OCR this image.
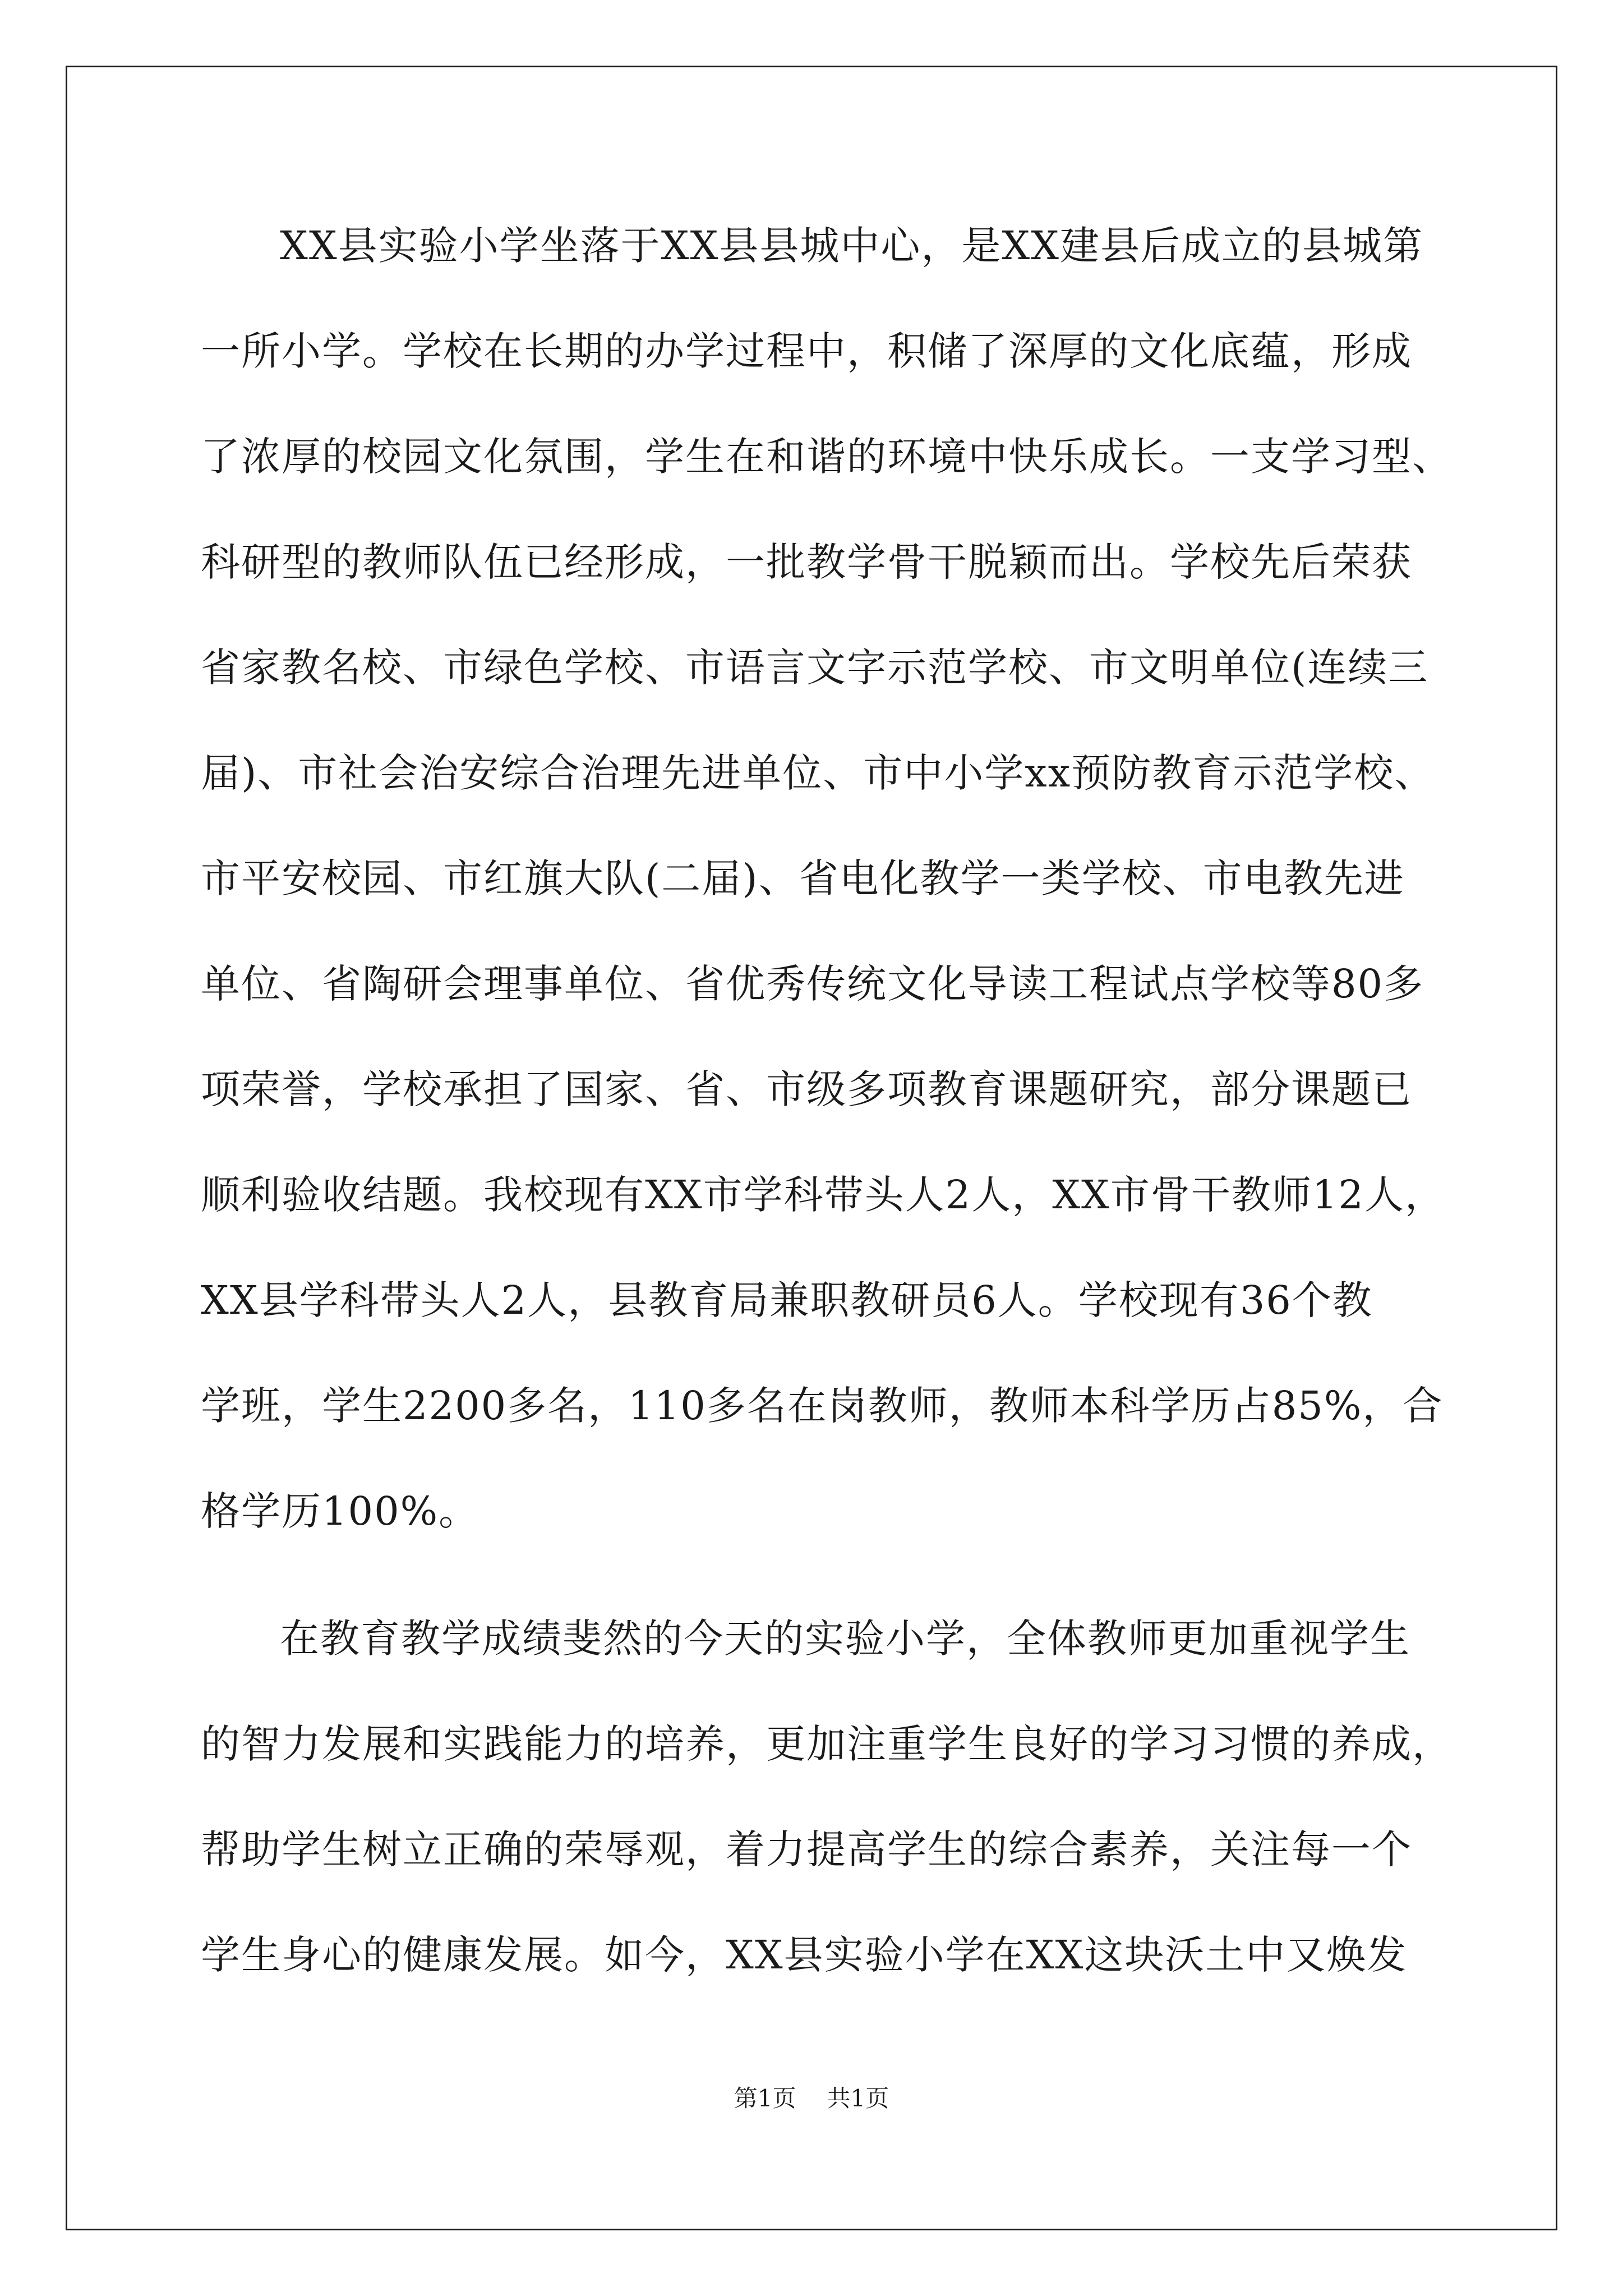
XX县实验小学坐落于XX县县城中心，是XX建县后成立的县城第
一所小学。学校在长期的办学过程中，积储了深厚的文化底蕴，形成
了浓厚的校园文化氛围，学生在和谐的环境中快乐成长。一支学习型、
科研型的教师队伍已经形成，一批教学骨干脱颖而出。学校先后荣获
省家教名校、市绿色学校、市语言文字示范学校、市文明单位(连续三
届)、市社会治安综合治理先进单位、市中小学xx预防教育示范学校、
市平安校园、市红旗大队(二届)、省电化教学一类学校、市电教先进
单位、省陶研会理事单位、省优秀传统文化导读工程试点学校等80多
项荣誉，学校承担了国家、省、市级多项教育课题研究，部分课题已
顺利验收结题。我校现有XX市学科带头人2人，XX市骨干教师12人，
XX县学科带头人2人，县教育局兼职教研员6人。学校现有36个教
学班，学生2200多名，110多名在岗教师，教师本科学历占85%，合
格学历100%。
在教育教学成绩斐然的今天的实验小学，全体教师更加重视学生
的智力发展和实践能力的培养，更加注重学生良好的学习习惯的养成，
帮助学生树立正确的荣辱观，着力提高学生的综合素养，关注每一个
学生身心的健康发展。如今，XX县实验小学在XX这块沃土中又焕发
第1页 共1页
